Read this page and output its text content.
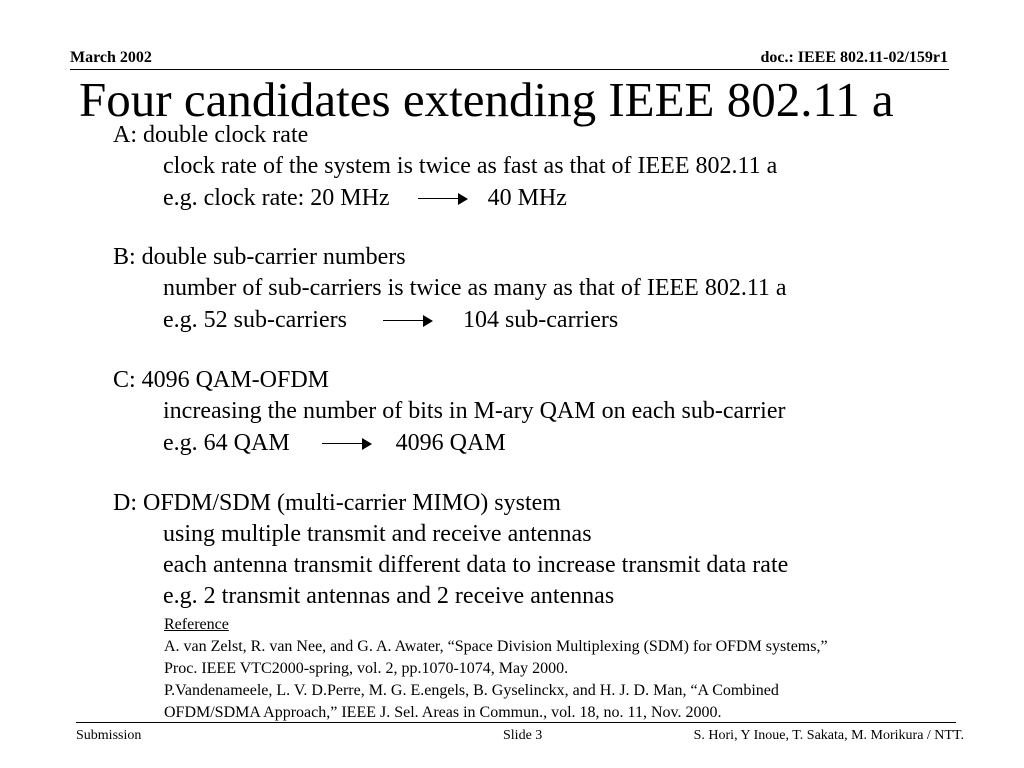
March 2002	doc.: IEEE 802.11-02/159r1
Four candidates extending IEEE 802.11 a
A: double clock rate
clock rate of the system is twice as fast as that of IEEE 802.11 a
e.g. clock rate: 20 MHz	40 MHz
B: double sub-carrier numbers
number of sub-carriers is twice as many as that of IEEE 802.11 a
e.g. 52 sub-carriers	104 sub-carriers
C: 4096 QAM-OFDM
increasing the number of bits in M-ary QAM on each sub-carrier
e.g. 64 QAM	4096 QAM
D: OFDM/SDM (multi-carrier MIMO) system
using multiple transmit and receive antennas
each antenna transmit different data to increase transmit data rate
e.g. 2 transmit antennas and 2 receive antennas
Reference
A. van Zelst, R. van Nee, and G. A. Awater, “Space Division Multiplexing (SDM) for OFDM systems,”
Proc. IEEE VTC2000-spring, vol. 2, pp.1070-1074, May 2000.
P.Vandenameele, L. V. D.Perre, M. G. E.engels, B. Gyselinckx, and H. J. D. Man, “A Combined
OFDM/SDMA Approach,” IEEE J. Sel. Areas in Commun., vol. 18, no. 11, Nov. 2000.
Submission	Slide 3	S. Hori, Y Inoue, T. Sakata, M. Morikura / NTT.
